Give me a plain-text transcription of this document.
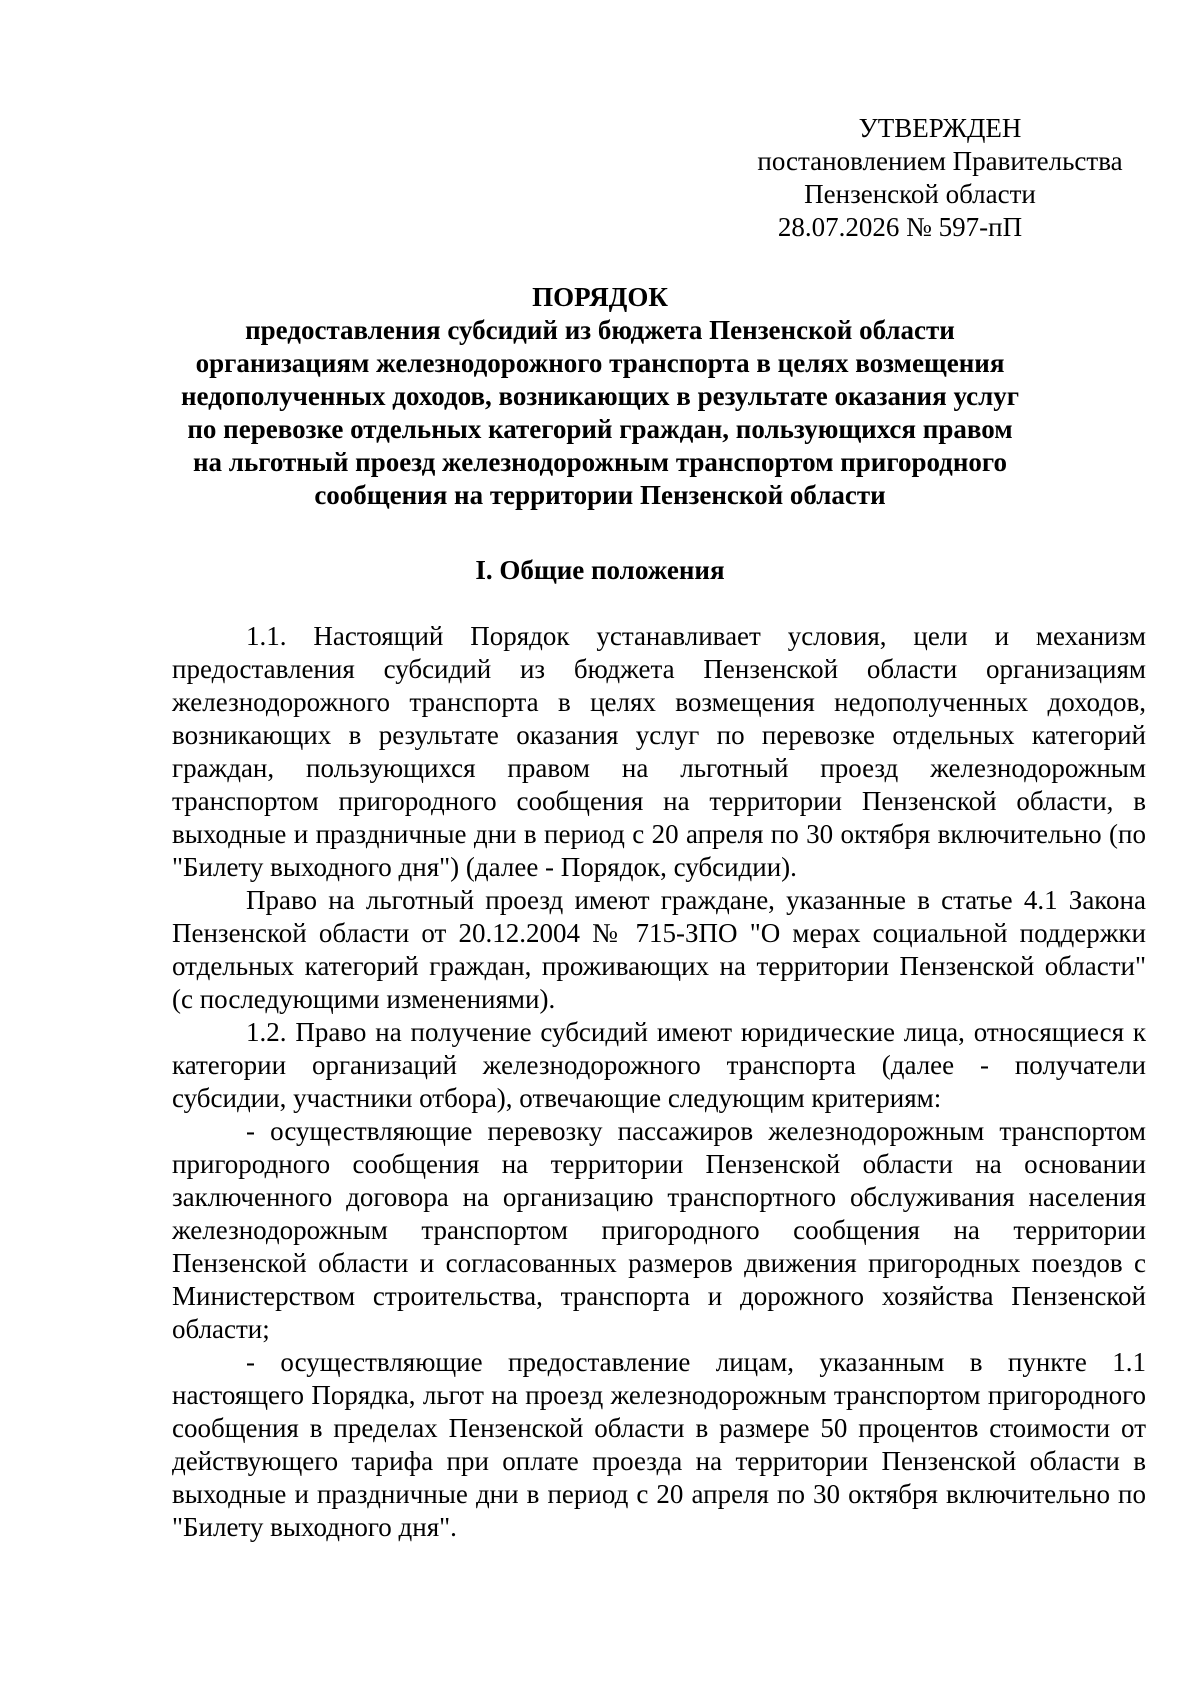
УТВЕРЖДЕН
постановлением Правительства
Пензенской области
28.07.2026 № 597-пП
ПОРЯДОК
предоставления субсидий из бюджета Пензенской области
организациям железнодорожного транспорта в целях возмещения
недополученных доходов, возникающих в результате оказания услуг
по перевозке отдельных категорий граждан, пользующихся правом
на льготный проезд железнодорожным транспортом пригородного
сообщения на территории Пензенской области
I. Общие положения

1.1. Настоящий Порядок устанавливает условия, цели и механизм предоставления субсидий из бюджета Пензенской области организациям железнодорожного транспорта в целях возмещения недополученных доходов, возникающих в результате оказания услуг по перевозке отдельных категорий граждан, пользующихся правом на льготный проезд железнодорожным транспортом пригородного сообщения на территории Пензенской области, в выходные и праздничные дни в период с 20 апреля по 30 октября включительно (по "Билету выходного дня") (далее - Порядок, субсидии).

Право на льготный проезд имеют граждане, указанные в статье 4.1 Закона Пензенской области от 20.12.2004 № 715-ЗПО "О мерах социальной поддержки отдельных категорий граждан, проживающих на территории Пензенской области" (с последующими изменениями).

1.2. Право на получение субсидий имеют юридические лица, относящиеся к категории организаций железнодорожного транспорта (далее - получатели субсидии, участники отбора), отвечающие следующим критериям:

- осуществляющие перевозку пассажиров железнодорожным транспортом пригородного сообщения на территории Пензенской области на основании заключенного договора на организацию транспортного обслуживания населения железнодорожным транспортом пригородного сообщения на территории Пензенской области и согласованных размеров движения пригородных поездов с Министерством строительства, транспорта и дорожного хозяйства Пензенской области;

- осуществляющие предоставление лицам, указанным в пункте 1.1 настоящего Порядка, льгот на проезд железнодорожным транспортом пригородного сообщения в пределах Пензенской области в размере 50 процентов стоимости от действующего тарифа при оплате проезда на территории Пензенской области в выходные и праздничные дни в период с 20 апреля по 30 октября включительно по "Билету выходного дня".
